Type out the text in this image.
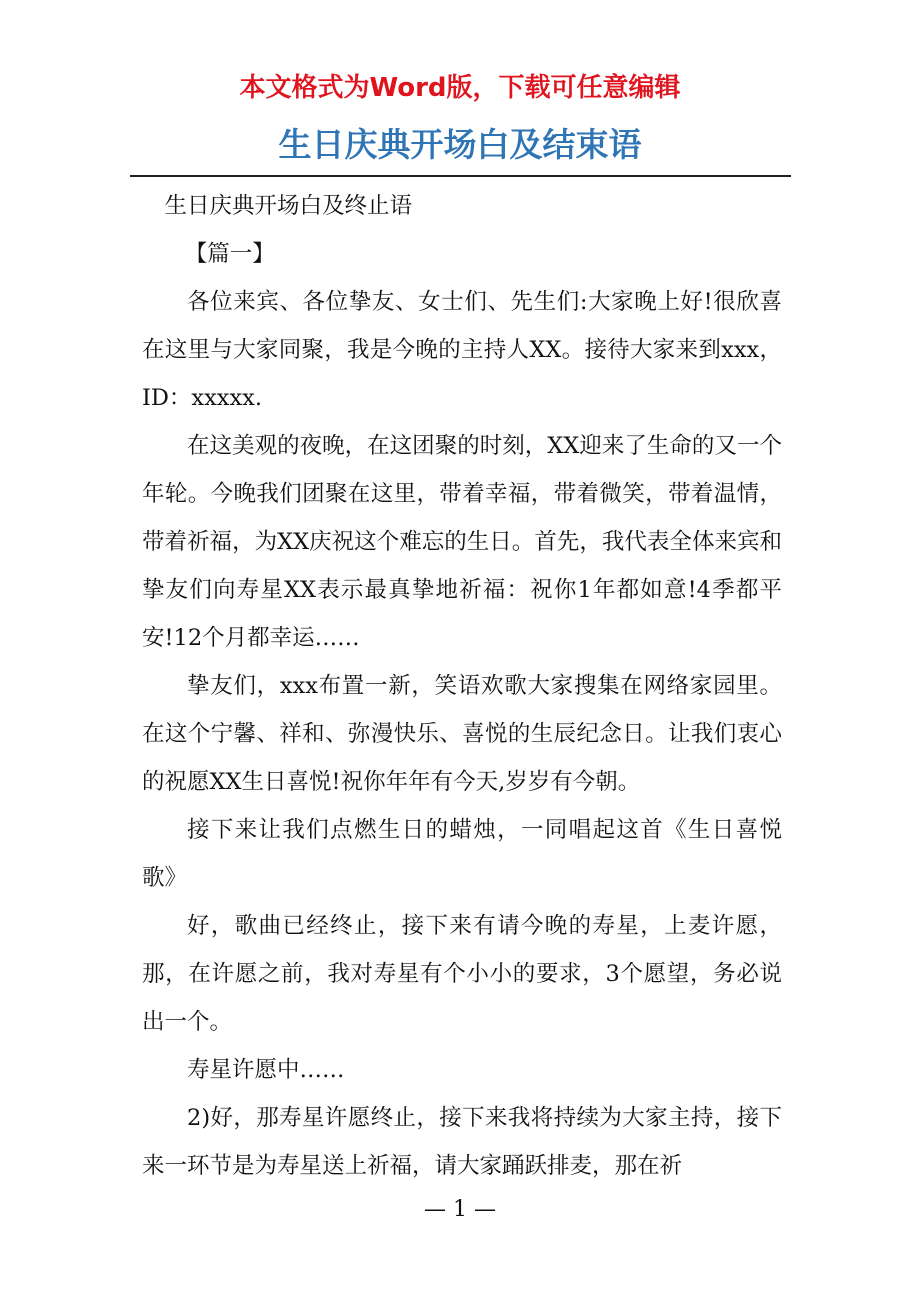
本文格式为Word版，下载可任意编辑
生日庆典开场白及结束语

生日庆典开场白及终止语

【篇一】

各位来宾、各位挚友、女士们、先生们:大家晚上好!很欣喜在这里与大家同聚，我是今晚的主持人XX。接待大家来到xxx，ID：xxxxx.

在这美观的夜晚，在这团聚的时刻，XX迎来了生命的又一个年轮。今晚我们团聚在这里，带着幸福，带着微笑，带着温情，带着祈福，为XX庆祝这个难忘的生日。首先，我代表全体来宾和挚友们向寿星XX表示最真挚地祈福：祝你1年都如意!4季都平安!12个月都幸运……

挚友们，xxx布置一新，笑语欢歌大家搜集在网络家园里。在这个宁馨、祥和、弥漫快乐、喜悦的生辰纪念日。让我们衷心的祝愿XX生日喜悦!祝你年年有今天,岁岁有今朝。

接下来让我们点燃生日的蜡烛，一同唱起这首《生日喜悦歌》

好，歌曲已经终止，接下来有请今晚的寿星，上麦许愿，那，在许愿之前，我对寿星有个小小的要求，3个愿望，务必说出一个。

寿星许愿中……

2)好，那寿星许愿终止，接下来我将持续为大家主持，接下来一环节是为寿星送上祈福，请大家踊跃排麦，那在祈

— 1 —
